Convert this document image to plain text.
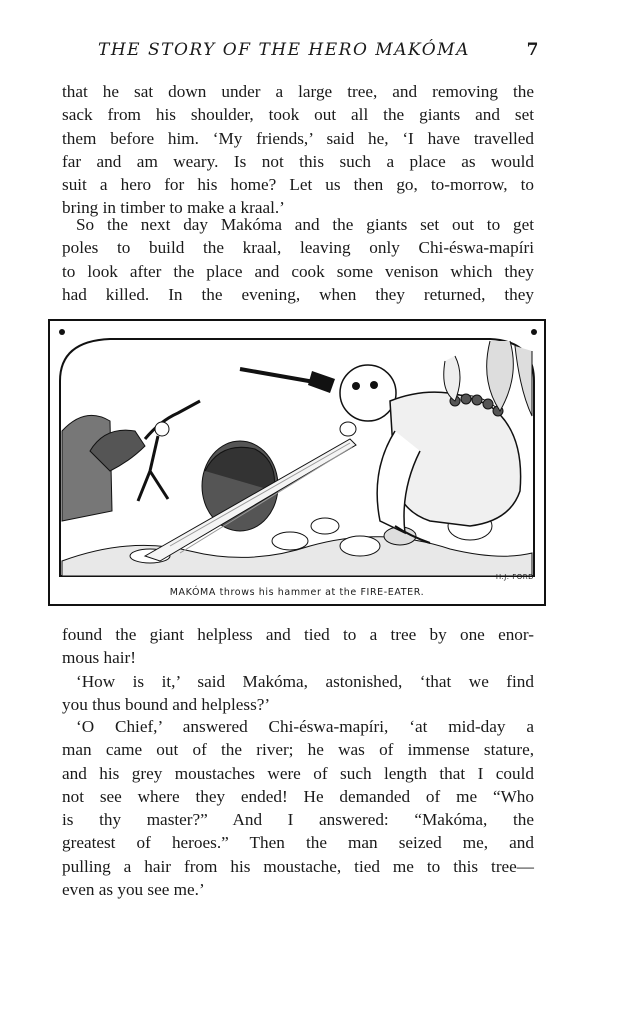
THE STORY OF THE HERO MAKÓMA	7

that he sat down under a large tree, and removing the
sack from his shoulder, took out all the giants and set
them before him. ‘My friends,’ said he, ‘I have travelled
far and am weary. Is not this such a place as would
suit a hero for his home? Let us then go, to-morrow, to
bring in timber to make a kraal.’

So the next day Makóma and the giants set out to get
poles to build the kraal, leaving only Chi-éswa-mapíri
to look after the place and cook some venison which they
had killed. In the evening, when they returned, they

H.J. FORD
MAKÓMA throws his hammer at the FIRE-EATER.

found the giant helpless and tied to a tree by one enor-
mous hair!

‘How is it,’ said Makóma, astonished, ‘that we find
you thus bound and helpless?’

‘O Chief,’ answered Chi-éswa-mapíri, ‘at mid-day a
man came out of the river; he was of immense stature,
and his grey moustaches were of such length that I could
not see where they ended! He demanded of me “Who
is thy master?” And I answered: “Makóma, the
greatest of heroes.” Then the man seized me, and
pulling a hair from his moustache, tied me to this tree—
even as you see me.’
